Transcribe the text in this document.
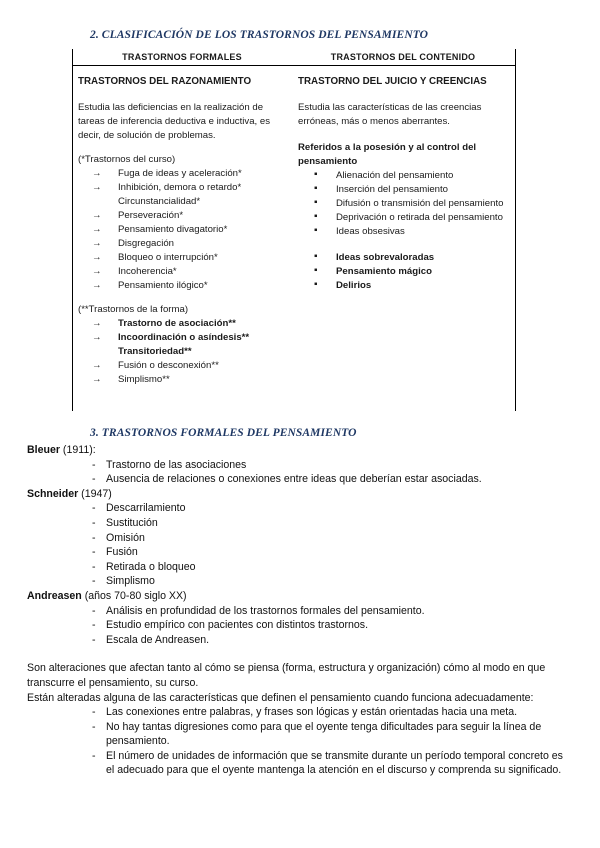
2. CLASIFICACIÓN DE LOS TRASTORNOS DEL PENSAMIENTO
TRASTORNOS FORMALES
TRASTORNOS DEL RAZONAMIENTO
Estudia las deficiencias en la realización de tareas de inferencia deductiva e inductiva, es decir, de solución de problemas.
(*Trastornos del curso)
→ Fuga de ideas y aceleración*
→ Inhibición, demora o retardo*
Circunstancialidad*
→ Perseveración*
→ Pensamiento divagatorio*
→ Disgregación
→ Bloqueo o interrupción*
→ Incoherencia*
→ Pensamiento ilógico*
(**Trastornos de la forma)
→ Trastorno de asociación**
→ Incoordinación o asíndesis**
Transitoriedad**
→ Fusión o desconexión**
→ Simplismo**
TRASTORNOS DEL CONTENIDO
TRASTORNO DEL JUICIO Y CREENCIAS
Estudia las características de las creencias erróneas, más o menos aberrantes.
Referidos a la posesión y al control del pensamiento
▪ Alienación del pensamiento
▪ Inserción del pensamiento
▪ Difusión o transmisión del pensamiento
▪ Deprivación o retirada del pensamiento
▪ Ideas obsesivas
▪ Ideas sobrevaloradas
▪ Pensamiento mágico
▪ Delirios
3. TRASTORNOS FORMALES DEL PENSAMIENTO

Bleuer (1911):

- Trastorno de las asociaciones
- Ausencia de relaciones o conexiones entre ideas que deberían estar asociadas.

Schneider (1947)

- Descarrilamiento
- Sustitución
- Omisión
- Fusión
- Retirada o bloqueo
- Simplismo

Andreasen (años 70-80 siglo XX)

- Análisis en profundidad de los trastornos formales del pensamiento.
- Estudio empírico con pacientes con distintos trastornos.
- Escala de Andreasen.

Son alteraciones que afectan tanto al cómo se piensa (forma, estructura y organización) cómo al modo en que transcurre el pensamiento, su curso.

Están alteradas alguna de las características que definen el pensamiento cuando funciona adecuadamente:

- Las conexiones entre palabras, y frases son lógicas y están orientadas hacia una meta.
- No hay tantas digresiones como para que el oyente tenga dificultades para seguir la línea de pensamiento.
- El número de unidades de información que se transmite durante un período temporal concreto es el adecuado para que el oyente mantenga la atención en el discurso y comprenda su significado.
